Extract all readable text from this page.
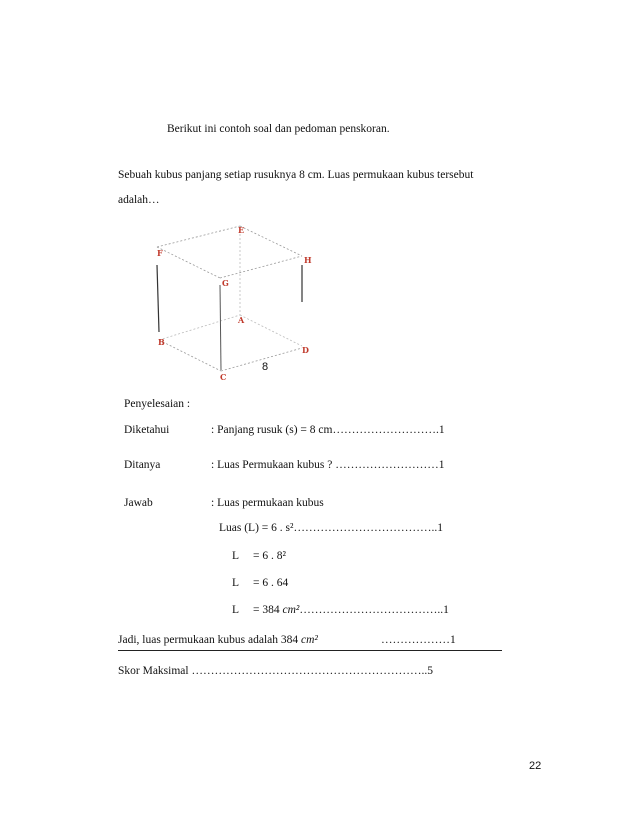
Berikut ini contoh soal dan pedoman penskoran.
Sebuah kubus panjang setiap rusuknya 8 cm. Luas permukaan kubus tersebut
adalah…
E
F
H
G
A
B
D
C
8
Penyelesaian :
Diketahui	: Panjang rusuk (s) = 8 cm……………………….1
Ditanya	: Luas Permukaan kubus ? ………………………1
Jawab	: Luas permukaan kubus
Luas (L) = 6 . s²………………………………..1
L     = 6 . 8²
L     = 6 . 64
L     = 384 cm²………………………………..1
Jadi, luas permukaan kubus adalah 384 cm²	………………1
Skor Maksimal ……………………………………………………..5
22
